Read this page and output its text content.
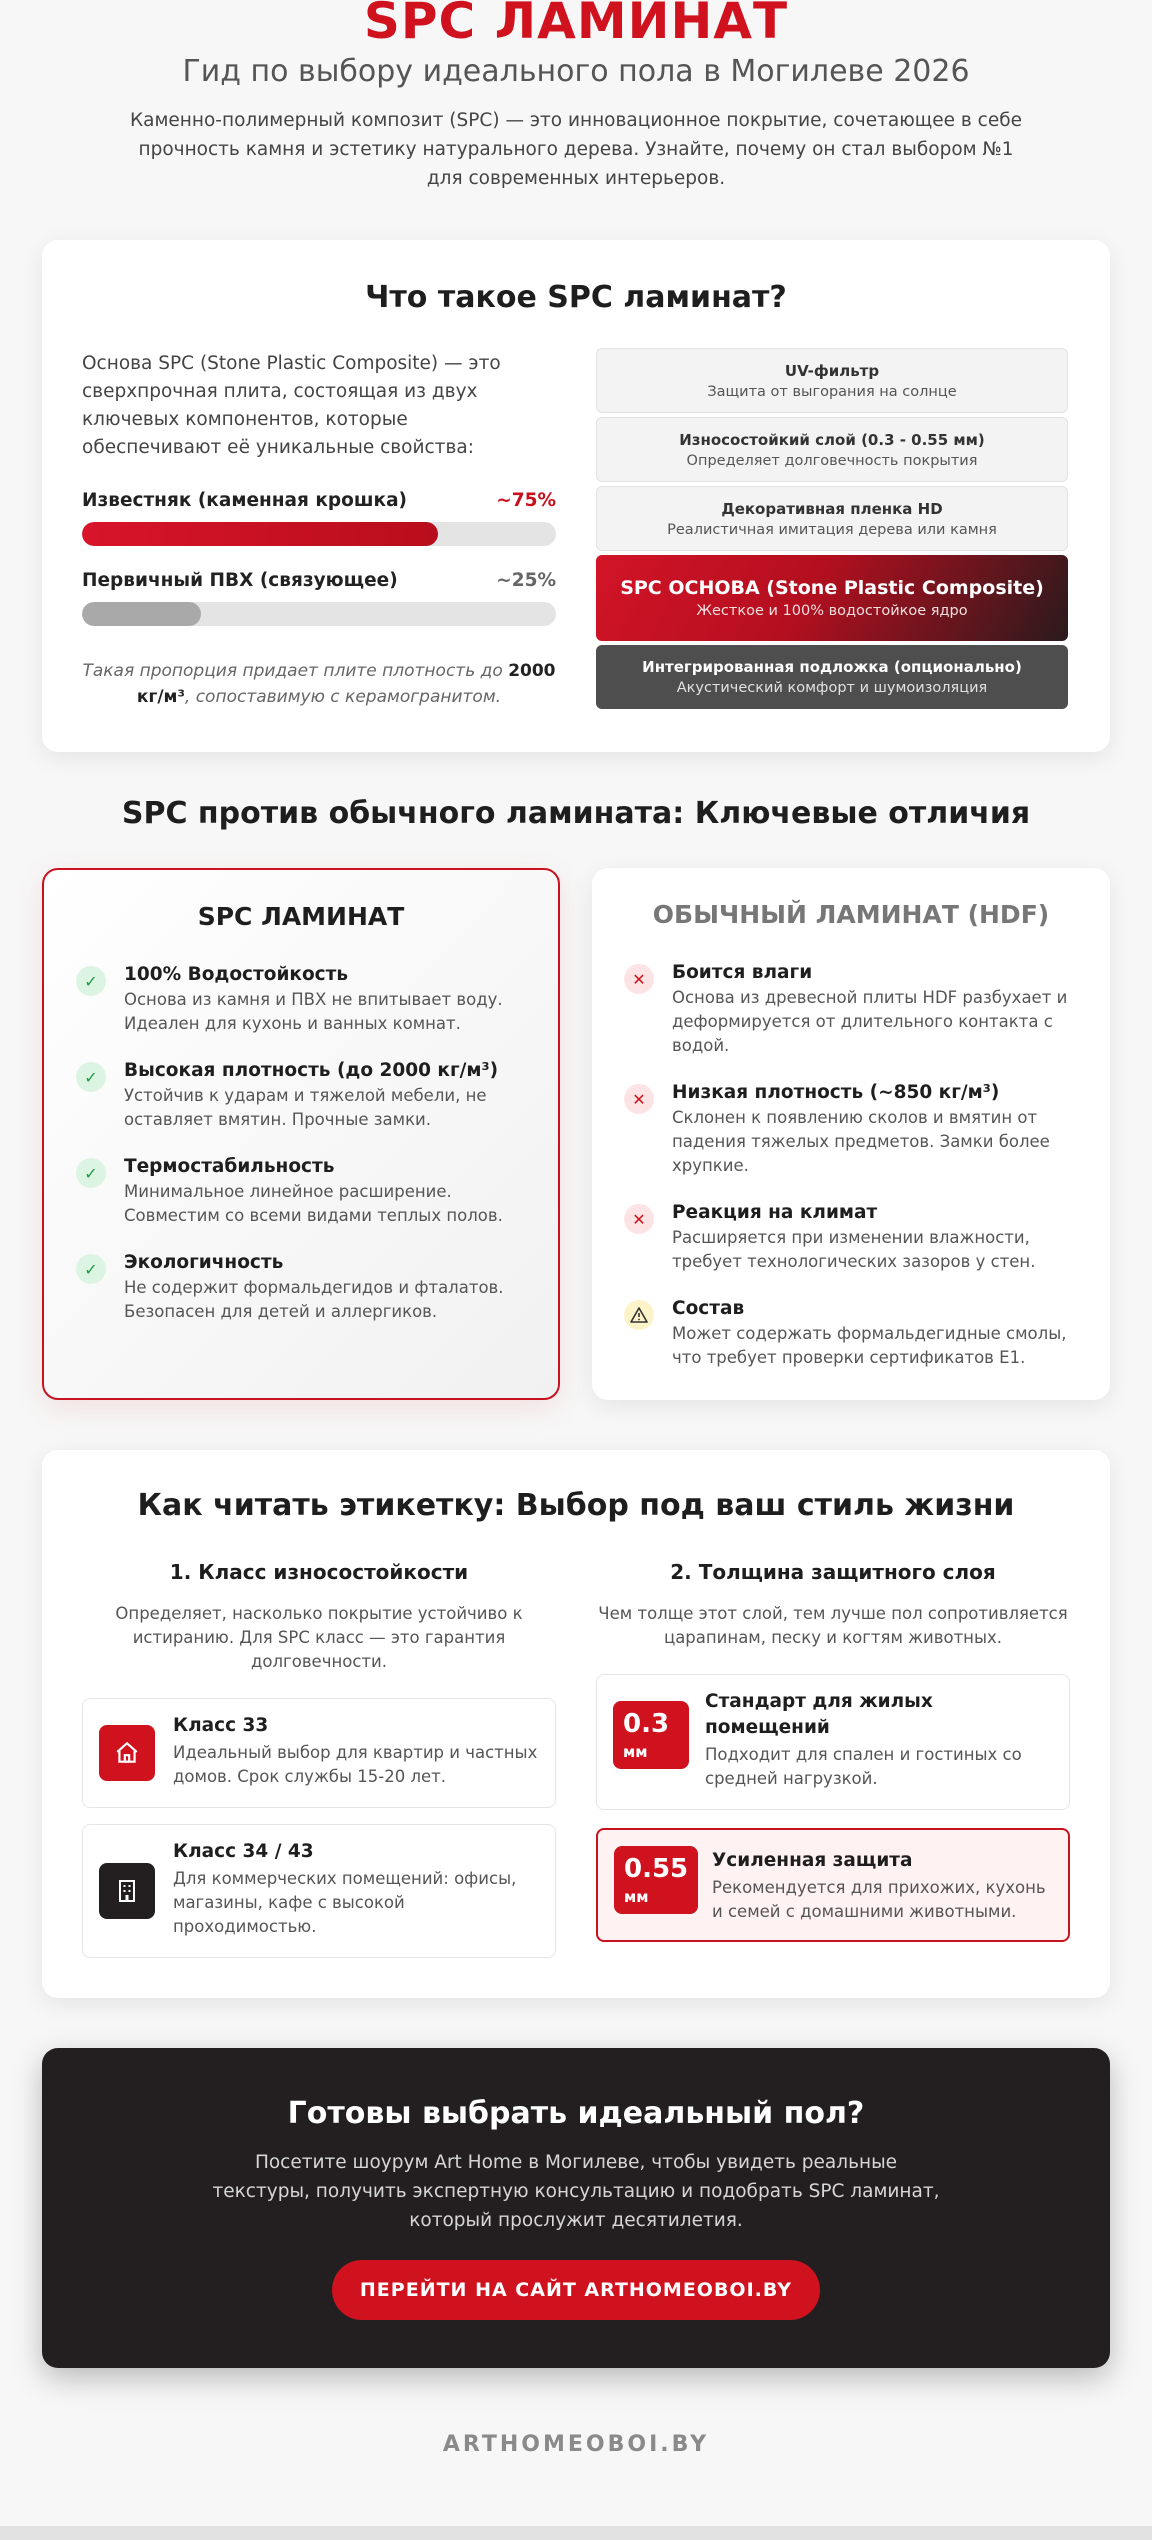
SPC ЛАМИНАТ
Гид по выбору идеального пола в Могилеве 2026
Каменно-полимерный композит (SPC) — это инновационное покрытие, сочетающее в себе прочность камня и эстетику натурального дерева. Узнайте, почему он стал выбором №1 для современных интерьеров.
Что такое SPC ламинат?
Основа SPC (Stone Plastic Composite) — это сверхпрочная плита, состоящая из двух ключевых компонентов, которые обеспечивают её уникальные свойства:
Известняк (каменная крошка)	~75%
Первичный ПВХ (связующее)	~25%
Такая пропорция придает плите плотность до 2000 кг/м³, сопоставимую с керамогранитом.
UV-фильтр
Защита от выгорания на солнце
Износостойкий слой (0.3 - 0.55 мм)
Определяет долговечность покрытия
Декоративная пленка HD
Реалистичная имитация дерева или камня
SPC ОСНОВА (Stone Plastic Composite)
Жесткое и 100% водостойкое ядро
Интегрированная подложка (опционально)
Акустический комфорт и шумоизоляция
SPC против обычного ламината: Ключевые отличия
SPC ЛАМИНАТ
✓	100% Водостойкость
Основа из камня и ПВХ не впитывает воду. Идеален для кухонь и ванных комнат.
✓	Высокая плотность (до 2000 кг/м³)
Устойчив к ударам и тяжелой мебели, не оставляет вмятин. Прочные замки.
✓	Термостабильность
Минимальное линейное расширение. Совместим со всеми видами теплых полов.
✓	Экологичность
Не содержит формальдегидов и фталатов. Безопасен для детей и аллергиков.
ОБЫЧНЫЙ ЛАМИНАТ (HDF)
✕	Боится влаги
Основа из древесной плиты HDF разбухает и деформируется от длительного контакта с водой.
✕	Низкая плотность (~850 кг/м³)
Склонен к появлению сколов и вмятин от падения тяжелых предметов. Замки более хрупкие.
✕	Реакция на климат
Расширяется при изменении влажности, требует технологических зазоров у стен.
Состав
Может содержать формальдегидные смолы, что требует проверки сертификатов E1.
Как читать этикетку: Выбор под ваш стиль жизни
1. Класс износостойкости
Определяет, насколько покрытие устойчиво к истиранию. Для SPC класс — это гарантия долговечности.
Класс 33
Идеальный выбор для квартир и частных домов. Срок службы 15-20 лет.
Класс 34 / 43
Для коммерческих помещений: офисы, магазины, кафе с высокой проходимостью.
2. Толщина защитного слоя
Чем толще этот слой, тем лучше пол сопротивляется царапинам, песку и когтям животных.
0.3
мм
Стандарт для жилых помещений
Подходит для спален и гостиных со средней нагрузкой.
0.55
мм
Усиленная защита
Рекомендуется для прихожих, кухонь и семей с домашними животными.
Готовы выбрать идеальный пол?
Посетите шоурум Art Home в Могилеве, чтобы увидеть реальные текстуры, получить экспертную консультацию и подобрать SPC ламинат, который прослужит десятилетия.
ПЕРЕЙТИ НА САЙТ ARTHOMEOBOI.BY
ARTHOMEOBOI.BY
